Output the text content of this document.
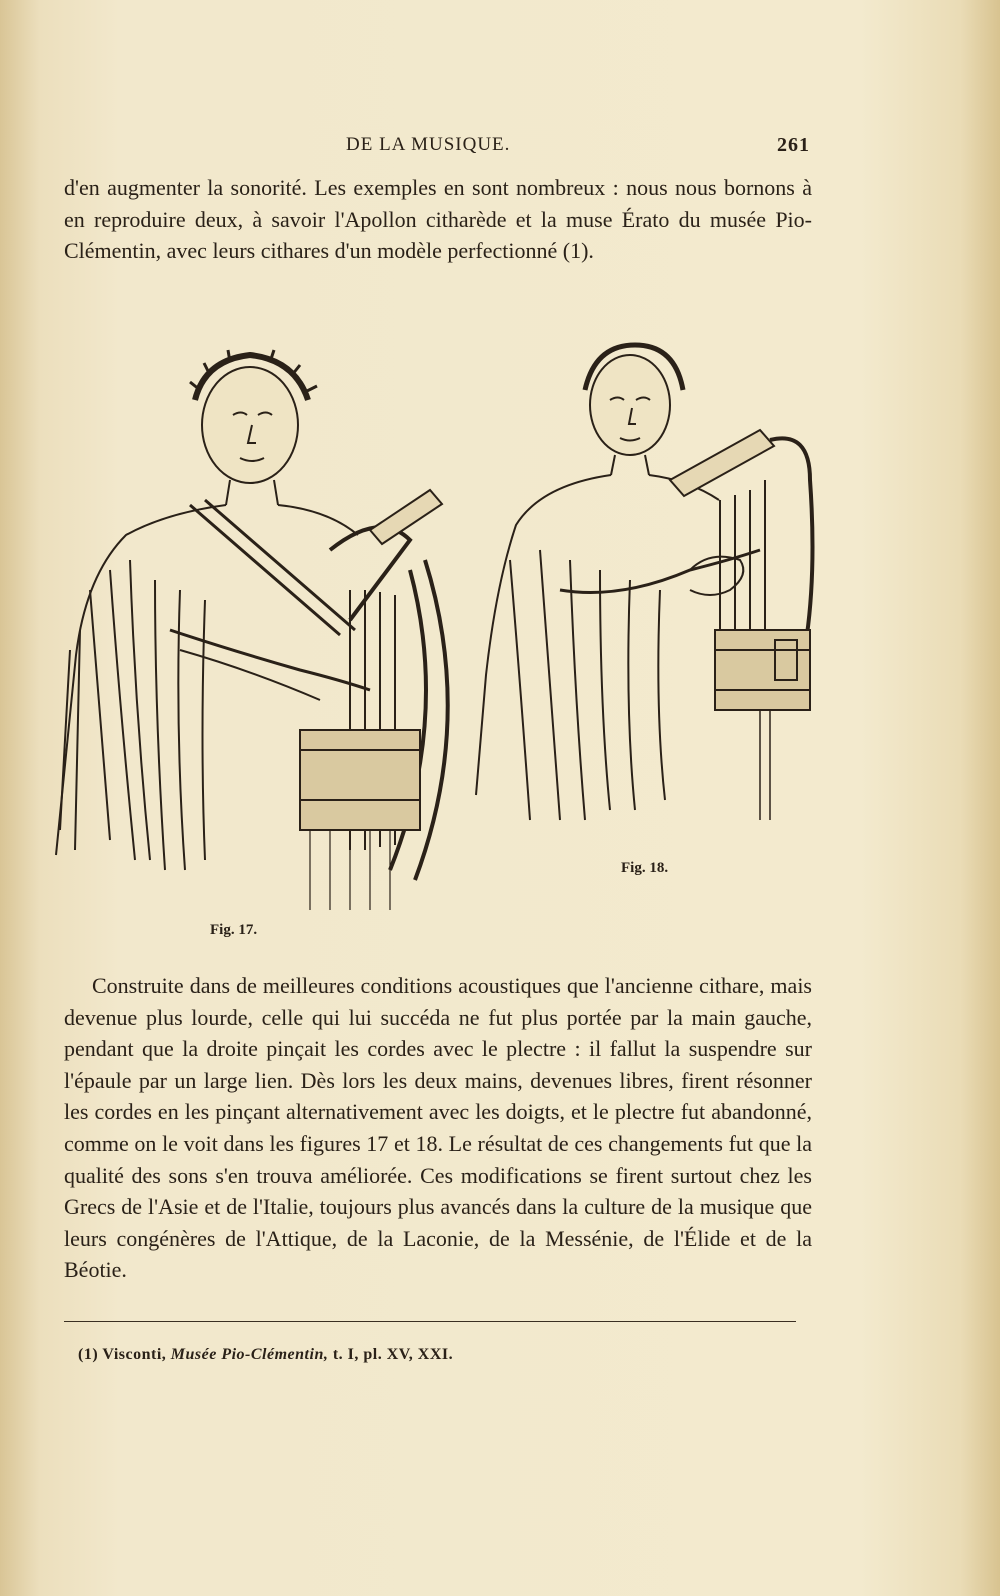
DE LA MUSIQUE.	261
d'en augmenter la sonorité. Les exemples en sont nombreux : nous nous bornons à en reproduire deux, à savoir l'Apollon citharède et la muse Érato du musée Pio-Clémentin, avec leurs cithares d'un modèle perfectionné (1).
Fig. 17.
Fig. 18.
Construite dans de meilleures conditions acoustiques que l'ancienne cithare, mais devenue plus lourde, celle qui lui succéda ne fut plus portée par la main gauche, pendant que la droite pinçait les cordes avec le plectre : il fallut la suspendre sur l'épaule par un large lien. Dès lors les deux mains, devenues libres, firent résonner les cordes en les pinçant alternativement avec les doigts, et le plectre fut abandonné, comme on le voit dans les figures 17 et 18. Le résultat de ces changements fut que la qualité des sons s'en trouva améliorée. Ces modifications se firent surtout chez les Grecs de l'Asie et de l'Italie, toujours plus avancés dans la culture de la musique que leurs congénères de l'Attique, de la Laconie, de la Messénie, de l'Élide et de la Béotie.
(1) Visconti, Musée Pio-Clémentin, t. I, pl. XV, XXI.
